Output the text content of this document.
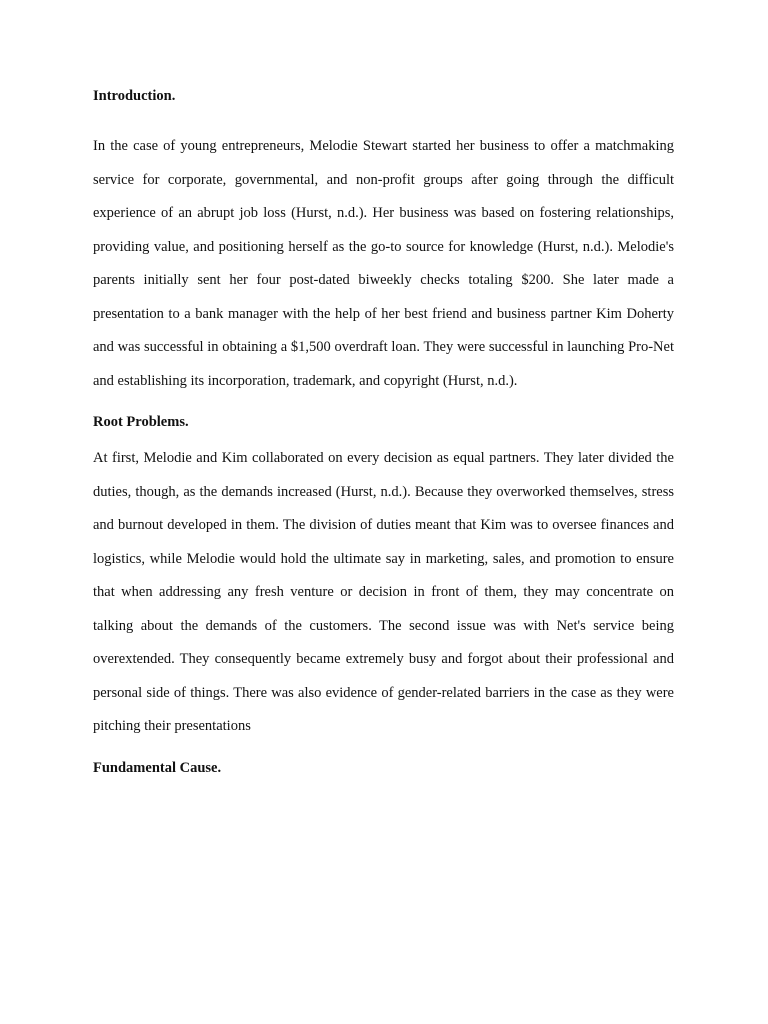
Introduction.

In the case of young entrepreneurs, Melodie Stewart started her business to offer a matchmaking service for corporate, governmental, and non-profit groups after going through the difficult experience of an abrupt job loss (Hurst, n.d.). Her business was based on fostering relationships, providing value, and positioning herself as the go-to source for knowledge (Hurst, n.d.). Melodie's parents initially sent her four post-dated biweekly checks totaling $200. She later made a presentation to a bank manager with the help of her best friend and business partner Kim Doherty and was successful in obtaining a $1,500 overdraft loan. They were successful in launching Pro-Net and establishing its incorporation, trademark, and copyright (Hurst, n.d.).

Root Problems.

At first, Melodie and Kim collaborated on every decision as equal partners. They later divided the duties, though, as the demands increased (Hurst, n.d.). Because they overworked themselves, stress and burnout developed in them. The division of duties meant that Kim was to oversee finances and logistics, while Melodie would hold the ultimate say in marketing, sales, and promotion to ensure that when addressing any fresh venture or decision in front of them, they may concentrate on talking about the demands of the customers. The second issue was with Net's service being overextended. They consequently became extremely busy and forgot about their professional and personal side of things. There was also evidence of gender-related barriers in the case as they were pitching their presentations

Fundamental Cause.
